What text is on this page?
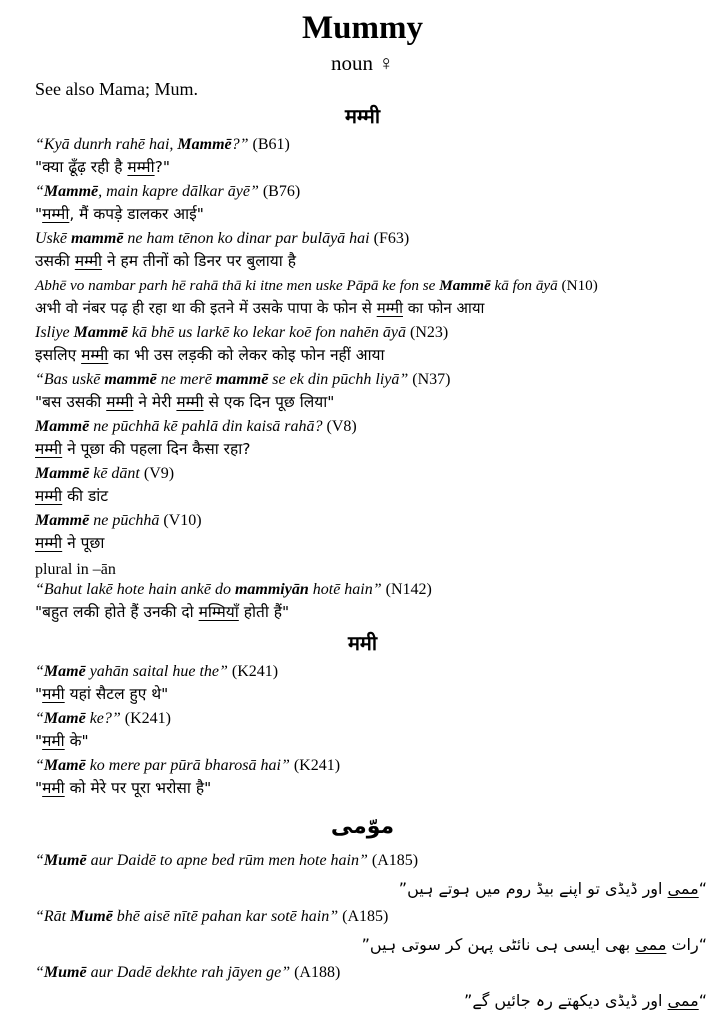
Mummy
noun ♀
See also Mama; Mum.
मम्मी
“Kyā dunrh rahē hai, Mammē?” (B61)
"क्या ढूँढ़ रही है मम्मी?"
“Mammē, main kapre dālkar āyē” (B76)
"मम्मी, मैं कपड़े डालकर आई"
Uskē mammē ne ham tēnon ko dinar par bulāyā hai (F63)
उसकी मम्मी ने हम तीनों को डिनर पर बुलाया है
Abhē vo nambar parh hē rahā thā ki itne men uske Pāpā ke fon se Mammē kā fon āyā (N10)
अभी वो नंबर पढ़ ही रहा था की इतने में उसके पापा के फोन से मम्मी का फोन आया
Isliye Mammē kā bhē us larkē ko lekar koē fon nahēn āyā (N23)
इसलिए मम्मी का भी उस लड़की को लेकर कोइ फोन नहीं आया
“Bas uskē mammē ne merē mammē se ek din pūchh liyā” (N37)
"बस उसकी मम्मी ने मेरी मम्मी से एक दिन पूछ लिया"
Mammē ne pūchhā kē pahlā din kaisā rahā? (V8)
मम्मी ने पूछा की पहला दिन कैसा रहा?
Mammē kē dānt (V9)
मम्मी की डांट
Mammē ne pūchhā (V10)
मम्मी ने पूछा
plural in –ān
“Bahut lakē hote hain ankē do mammiyān hotē hain” (N142)
"बहुत लकी होते हैं उनकी दो मम्मियाँ होती हैं"
ममी
“Mamē yahān saital hue the” (K241)
"ममी यहां सैटल हुए थे"
“Mamē ke?” (K241)
"ममी के"
“Mamē ko mere par pūrā bharosā hai” (K241)
"ममी को मेरे पर पूरा भरोसा है"
موّمی
“Mumē aur Daidē to apne bed rūm men hote hain” (A185)
“ممی اور ڈیڈی تو اپنے بیڈ روم میں ہوتے ہیں”
“Rāt Mumē bhē aisē nītē pahan kar sotē hain” (A185)
“رات ممی بھی ایسی ہی نائٹی پہن کر سوتی ہیں”
“Mumē aur Dadē dekhte rah jāyen ge” (A188)
“ممی اور ڈیڈی دیکھتے رہ جائیں گے”
